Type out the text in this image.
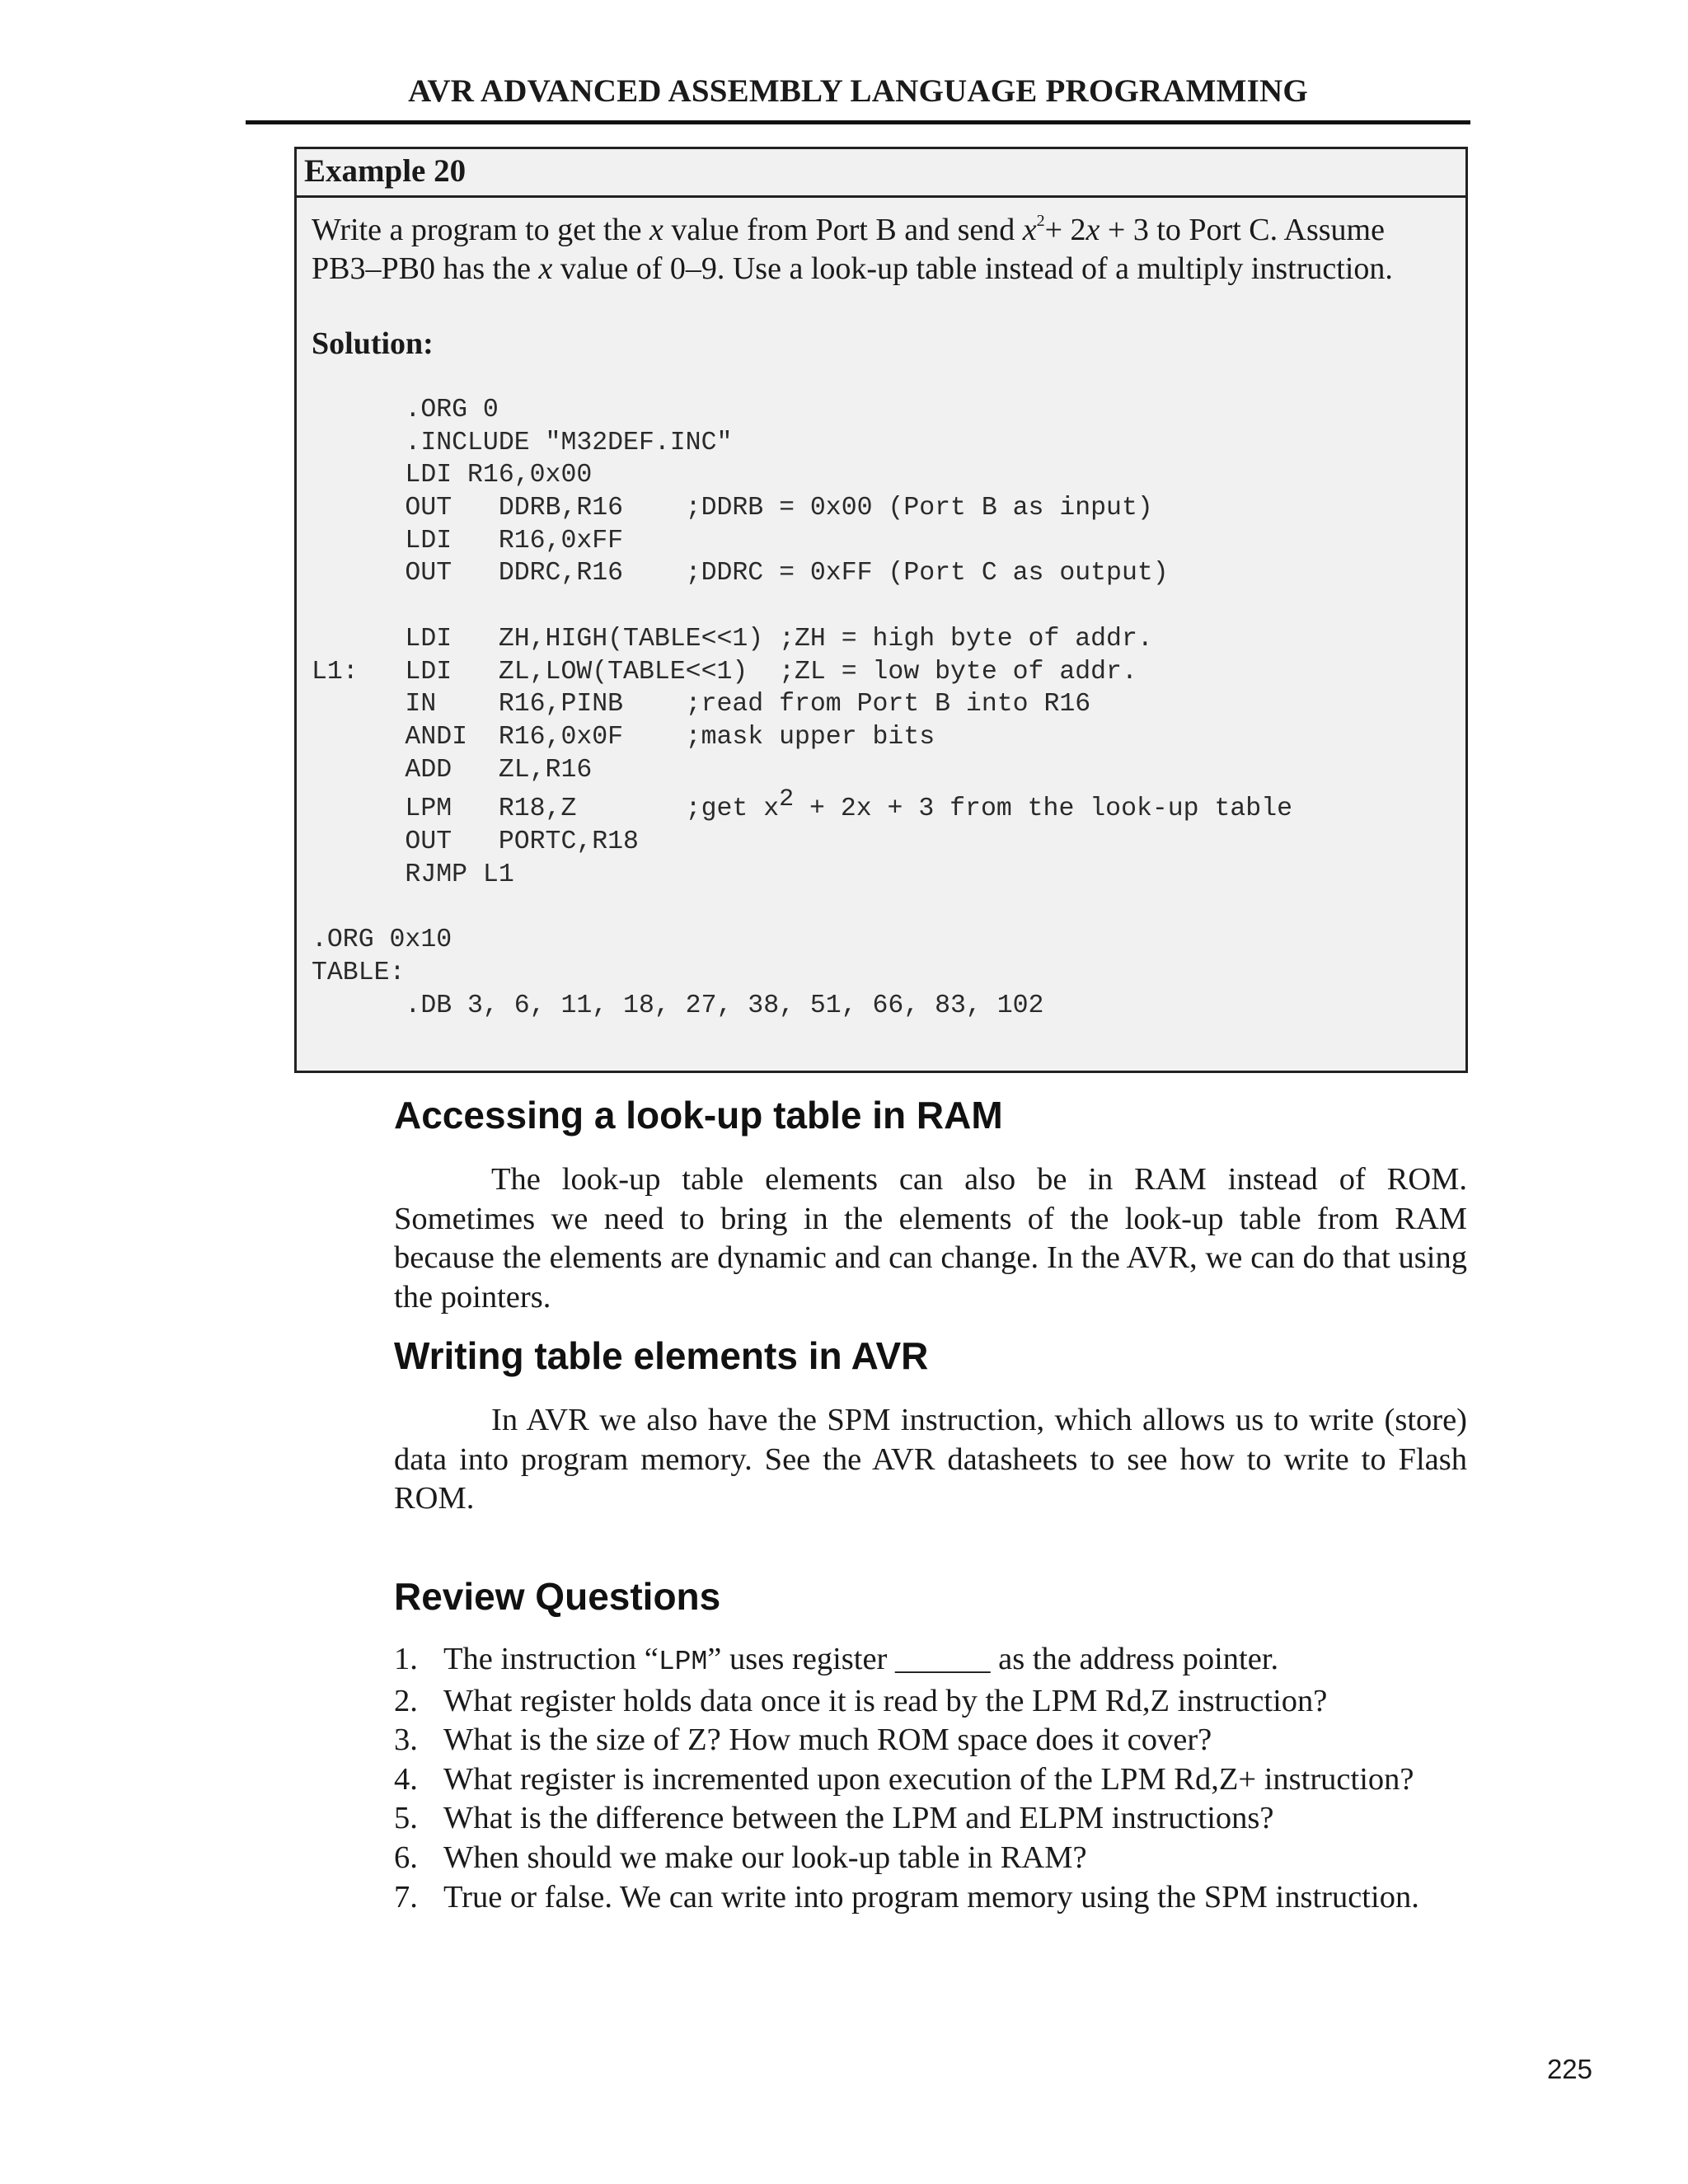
AVR ADVANCED ASSEMBLY LANGUAGE PROGRAMMING
Example 20

Write a program to get the x value from Port B and send $x^2+ 2x + 3$ to Port C. Assume PB3–PB0 has the x value of 0–9. Use a look-up table instead of a multiply instruction.

Solution:
.ORG 0
.INCLUDE "M32DEF.INC"
LDI R16,0x00
OUT   DDRB,R16    ;DDRB = 0x00 (Port B as input)
LDI   R16,0xFF
OUT   DDRC,R16    ;DDRC = 0xFF (Port C as output)
LDI   ZH,HIGH(TABLE<<1) ;ZH = high byte of addr.
L1:   LDI   ZL,LOW(TABLE<<1)  ;ZL = low byte of addr.
IN    R16,PINB    ;read from Port B into R16
ANDI  R16,0x0F    ;mask upper bits
ADD   ZL,R16
LPM   R18,Z       ;get $x^2 + 2x + 3$ from the look-up table
OUT   PORTC,R18
RJMP L1
.ORG 0x10
TABLE:
.DB 3, 6, 11, 18, 27, 38, 51, 66, 83, 102
Accessing a look-up table in RAM

The look-up table elements can also be in RAM instead of ROM. Sometimes we need to bring in the elements of the look-up table from RAM because the elements are dynamic and can change. In the AVR, we can do that using the pointers.

Writing table elements in AVR

In AVR we also have the SPM instruction, which allows us to write (store) data into program memory. See the AVR datasheets to see how to write to Flash ROM.

Review Questions
1. The instruction “LPM” uses register ______ as the address pointer.
2. What register holds data once it is read by the LPM Rd,Z instruction?
3. What is the size of Z? How much ROM space does it cover?
4. What register is incremented upon execution of the LPM Rd,Z+ instruction?
5. What is the difference between the LPM and ELPM instructions?
6. When should we make our look-up table in RAM?
7. True or false. We can write into program memory using the SPM instruction.
225
